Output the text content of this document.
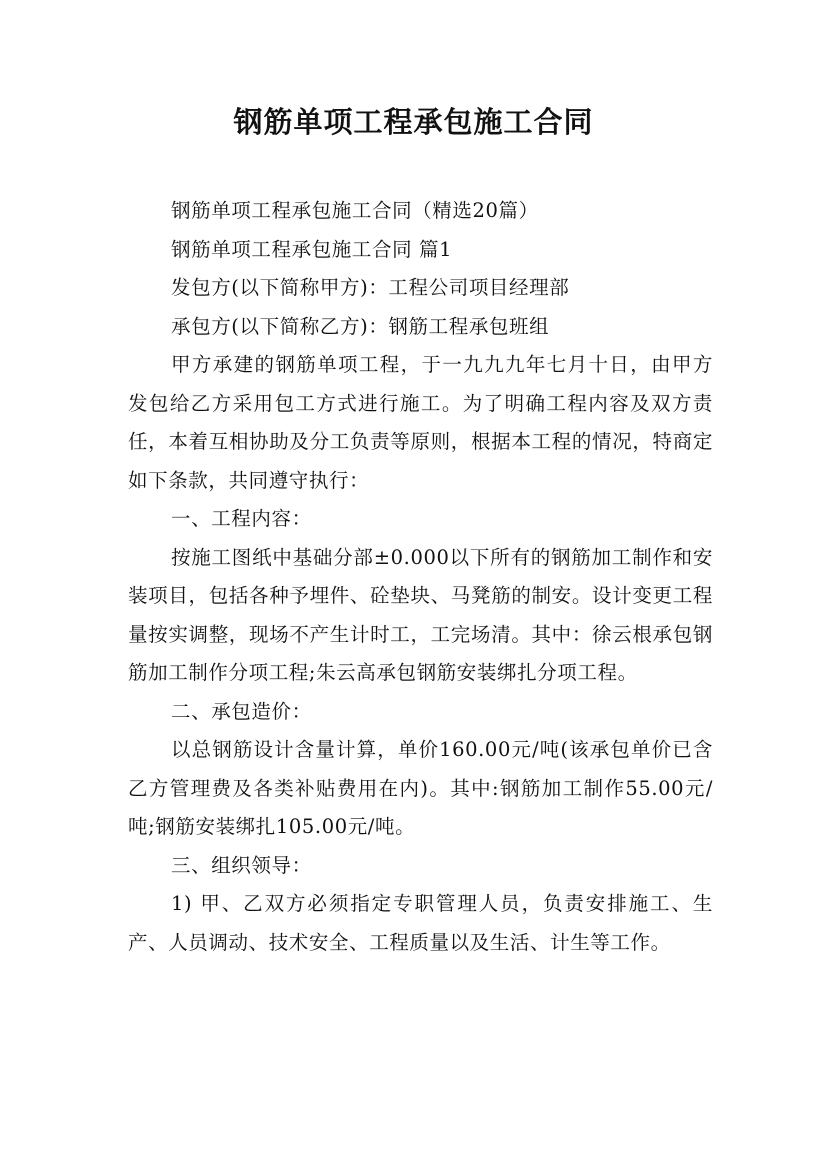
钢筋单项工程承包施工合同

钢筋单项工程承包施工合同（精选20篇）

钢筋单项工程承包施工合同 篇1

发包方(以下简称甲方)：工程公司项目经理部

承包方(以下简称乙方)：钢筋工程承包班组

甲方承建的钢筋单项工程，于一九九九年七月十日，由甲方发包给乙方采用包工方式进行施工。为了明确工程内容及双方责任，本着互相协助及分工负责等原则，根据本工程的情况，特商定如下条款，共同遵守执行：

一、工程内容：

按施工图纸中基础分部±0.000以下所有的钢筋加工制作和安装项目，包括各种予埋件、砼垫块、马凳筋的制安。设计变更工程量按实调整，现场不产生计时工，工完场清。其中：徐云根承包钢筋加工制作分项工程;朱云高承包钢筋安装绑扎分项工程。

二、承包造价：

以总钢筋设计含量计算，单价160.00元/吨(该承包单价已含乙方管理费及各类补贴费用在内)。其中:钢筋加工制作55.00元/吨;钢筋安装绑扎105.00元/吨。

三、组织领导：

1) 甲、乙双方必须指定专职管理人员，负责安排施工、生产、人员调动、技术安全、工程质量以及生活、计生等工作。
